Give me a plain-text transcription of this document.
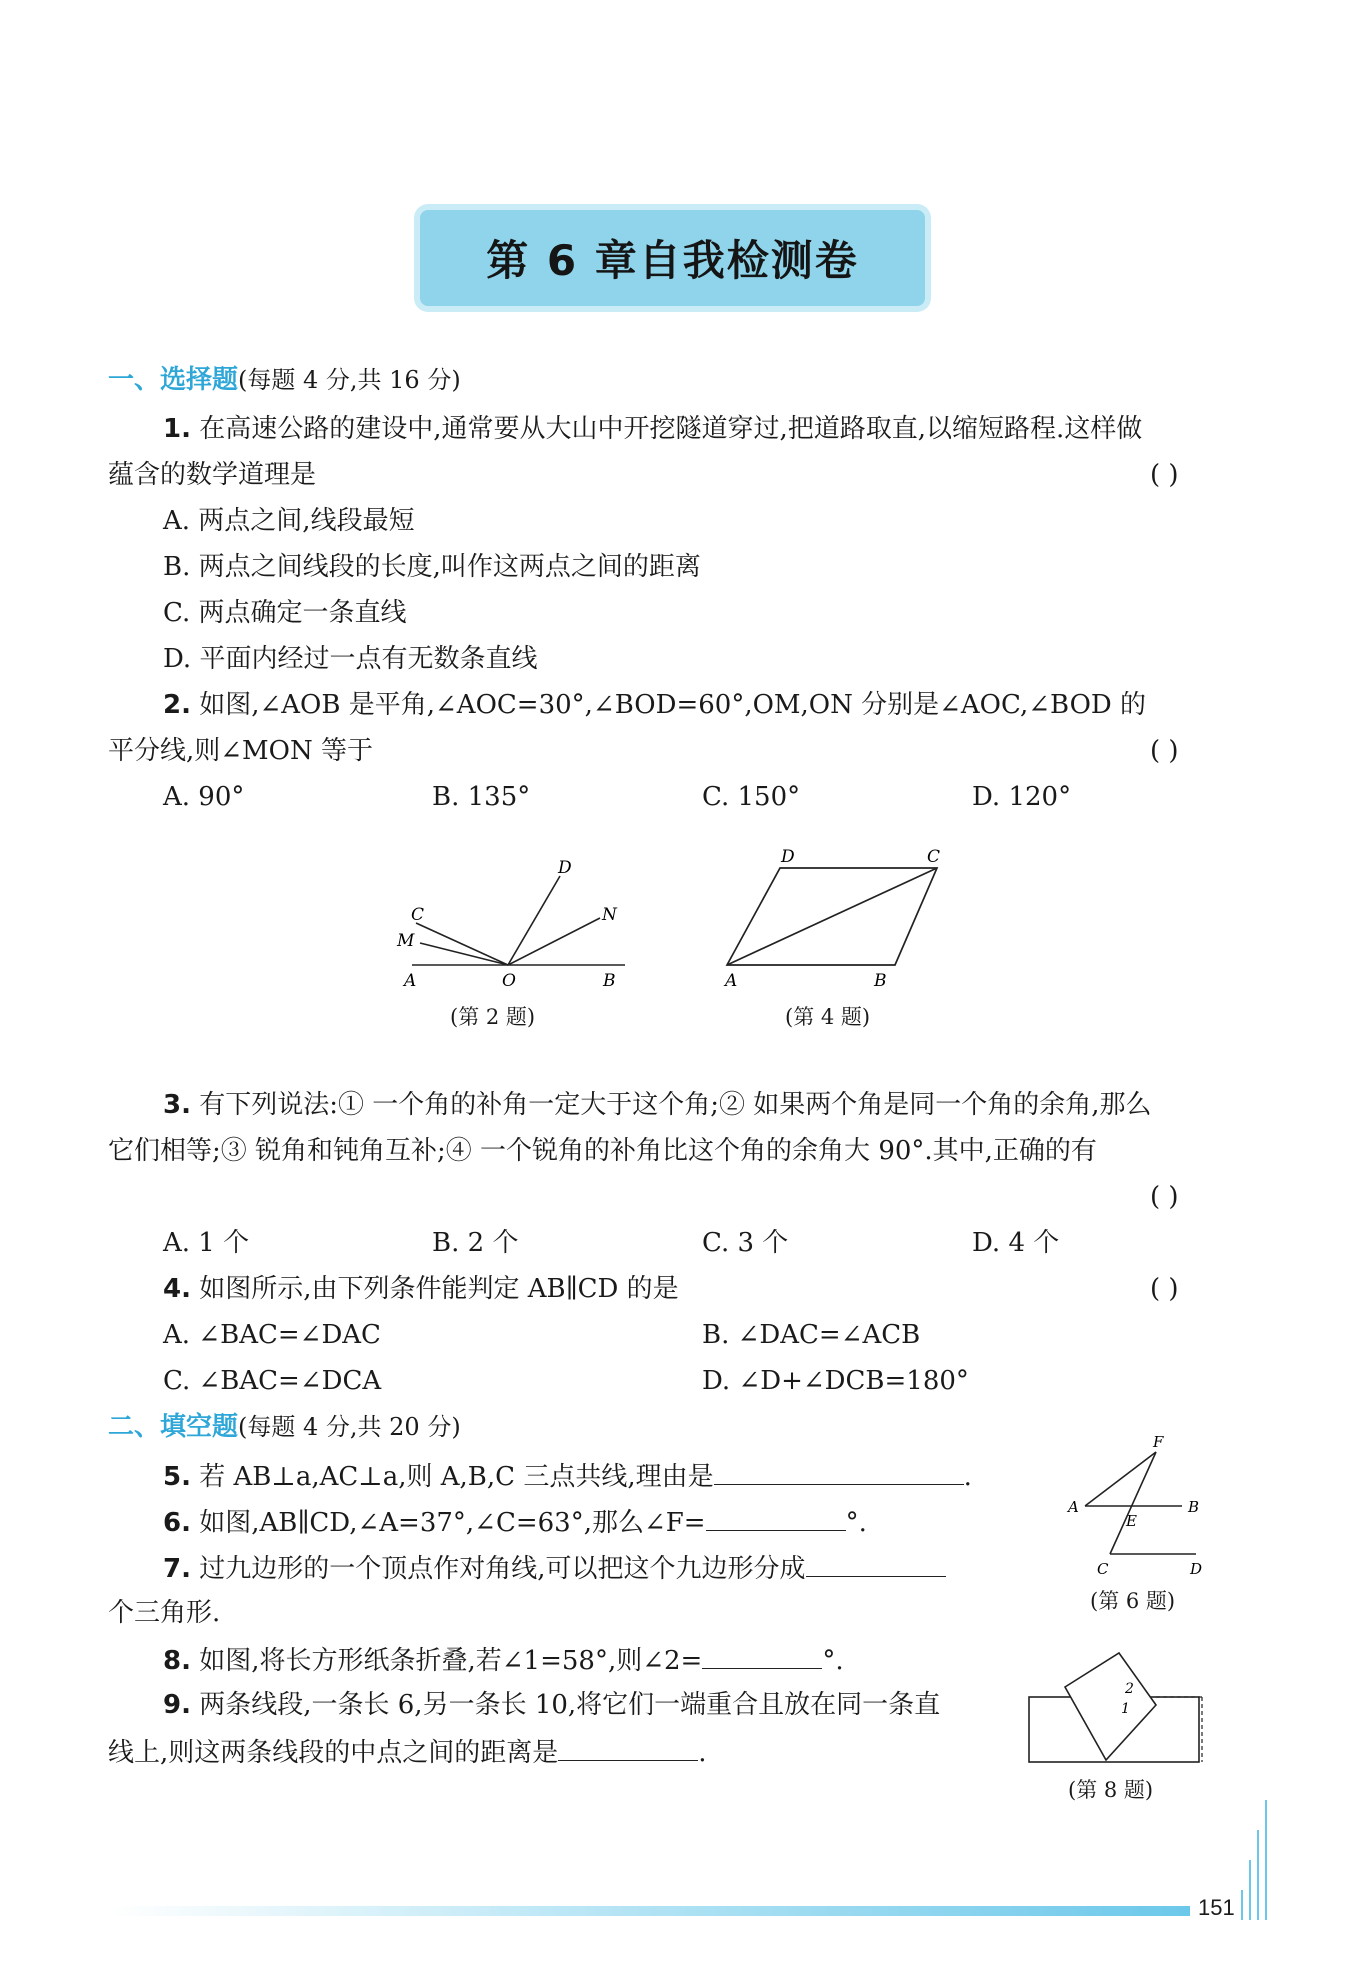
第 6 章自我检测卷
一、选择题(每题 4 分,共 16 分)
1. 在高速公路的建设中,通常要从大山中开挖隧道穿过,把道路取直,以缩短路程.这样做
蕴含的数学道理是	( )
A. 两点之间,线段最短
B. 两点之间线段的长度,叫作这两点之间的距离
C. 两点确定一条直线
D. 平面内经过一点有无数条直线
2. 如图,∠AOB 是平角,∠AOC=30°,∠BOD=60°,OM,ON 分别是∠AOC,∠BOD 的
平分线,则∠MON 等于	( )
A. 90°	B. 135°	C. 150°	D. 120°
D
C
M
N
A	O	B
(第 2 题)
D	C
A	B
(第 4 题)
3. 有下列说法:① 一个角的补角一定大于这个角;② 如果两个角是同一个角的余角,那么
它们相等;③ 锐角和钝角互补;④ 一个锐角的补角比这个角的余角大 90°.其中,正确的有
( )
A. 1 个	B. 2 个	C. 3 个	D. 4 个
4. 如图所示,由下列条件能判定 AB∥CD 的是	( )
A. ∠BAC=∠DAC	B. ∠DAC=∠ACB
C. ∠BAC=∠DCA	D. ∠D+∠DCB=180°
二、填空题(每题 4 分,共 20 分)
5. 若 AB⊥a,AC⊥a,则 A,B,C 三点共线,理由是	.
6. 如图,AB∥CD,∠A=37°,∠C=63°,那么∠F=	°.
7. 过九边形的一个顶点作对角线,可以把这个九边形分成
个三角形.
8. 如图,将长方形纸条折叠,若∠1=58°,则∠2=	°.
9. 两条线段,一条长 6,另一条长 10,将它们一端重合且放在同一条直
线上,则这两条线段的中点之间的距离是	.
F
A	B
E
C	D
(第 6 题)
2
1
(第 8 题)
151
